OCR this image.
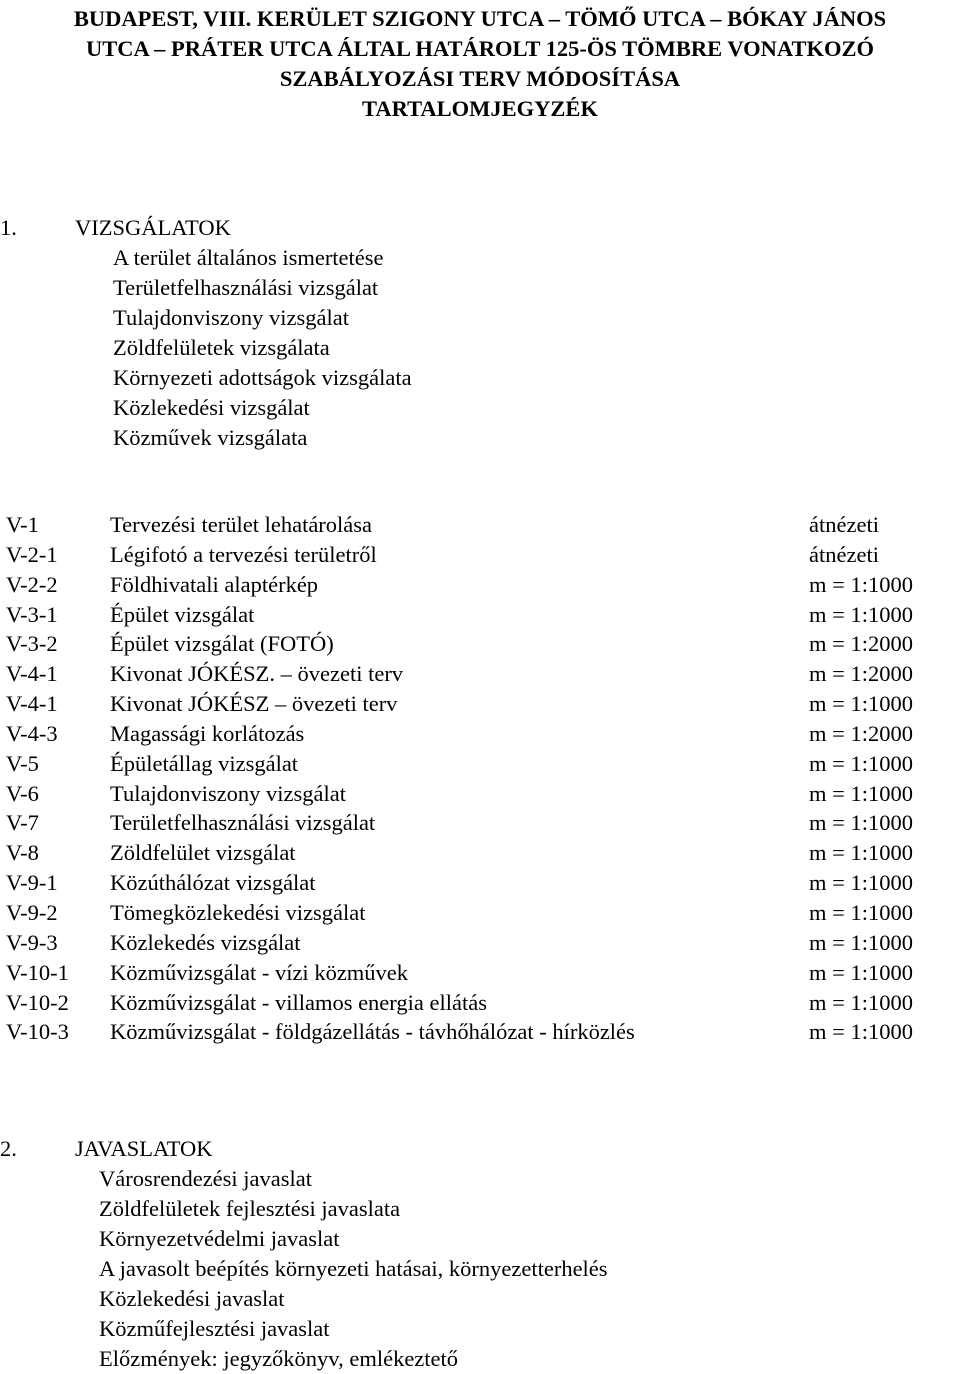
BUDAPEST, VIII. KERÜLET SZIGONY UTCA – TÖMŐ UTCA – BÓKAY JÁNOS
UTCA – PRÁTER UTCA ÁLTAL HATÁROLT 125-ÖS TÖMBRE VONATKOZÓ
SZABÁLYOZÁSI TERV MÓDOSÍTÁSA
TARTALOMJEGYZÉK
1.	VIZSGÁLATOK
A terület általános ismertetése
Területfelhasználási vizsgálat
Tulajdonviszony vizsgálat
Zöldfelületek vizsgálata
Környezeti adottságok vizsgálata
Közlekedési vizsgálat
Közművek vizsgálata
V-1	Tervezési terület lehatárolása	átnézeti
V-2-1 Légifotó a tervezési területről	átnézeti
V-2-2 Földhivatali alaptérkép	m = 1:1000
V-3-1 Épület vizsgálat	m = 1:1000
V-3-2 Épület vizsgálat (FOTÓ)	m = 1:2000
V-4-1 Kivonat JÓKÉSZ. – övezeti terv	m = 1:2000
V-4-1 Kivonat JÓKÉSZ – övezeti terv	m = 1:1000
V-4-3 Magassági korlátozás	m = 1:2000
V-5	Épületállag vizsgálat	m = 1:1000
V-6	Tulajdonviszony vizsgálat	m = 1:1000
V-7	Területfelhasználási vizsgálat	m = 1:1000
V-8	Zöldfelület vizsgálat	m = 1:1000
V-9-1 Közúthálózat vizsgálat	m = 1:1000
V-9-2 Tömegközlekedési vizsgálat	m = 1:1000
V-9-3 Közlekedés vizsgálat	m = 1:1000
V-10-1 Közművizsgálat - vízi közművek	m = 1:1000
V-10-2 Közművizsgálat - villamos energia ellátás	m = 1:1000
V-10-3 Közművizsgálat - földgázellátás - távhőhálózat - hírközlés	m = 1:1000
2.	JAVASLATOK
Városrendezési javaslat
Zöldfelületek fejlesztési javaslata
Környezetvédelmi javaslat
A javasolt beépítés környezeti hatásai, környezetterhelés
Közlekedési javaslat
Közműfejlesztési javaslat
Előzmények: jegyzőkönyv, emlékeztető
